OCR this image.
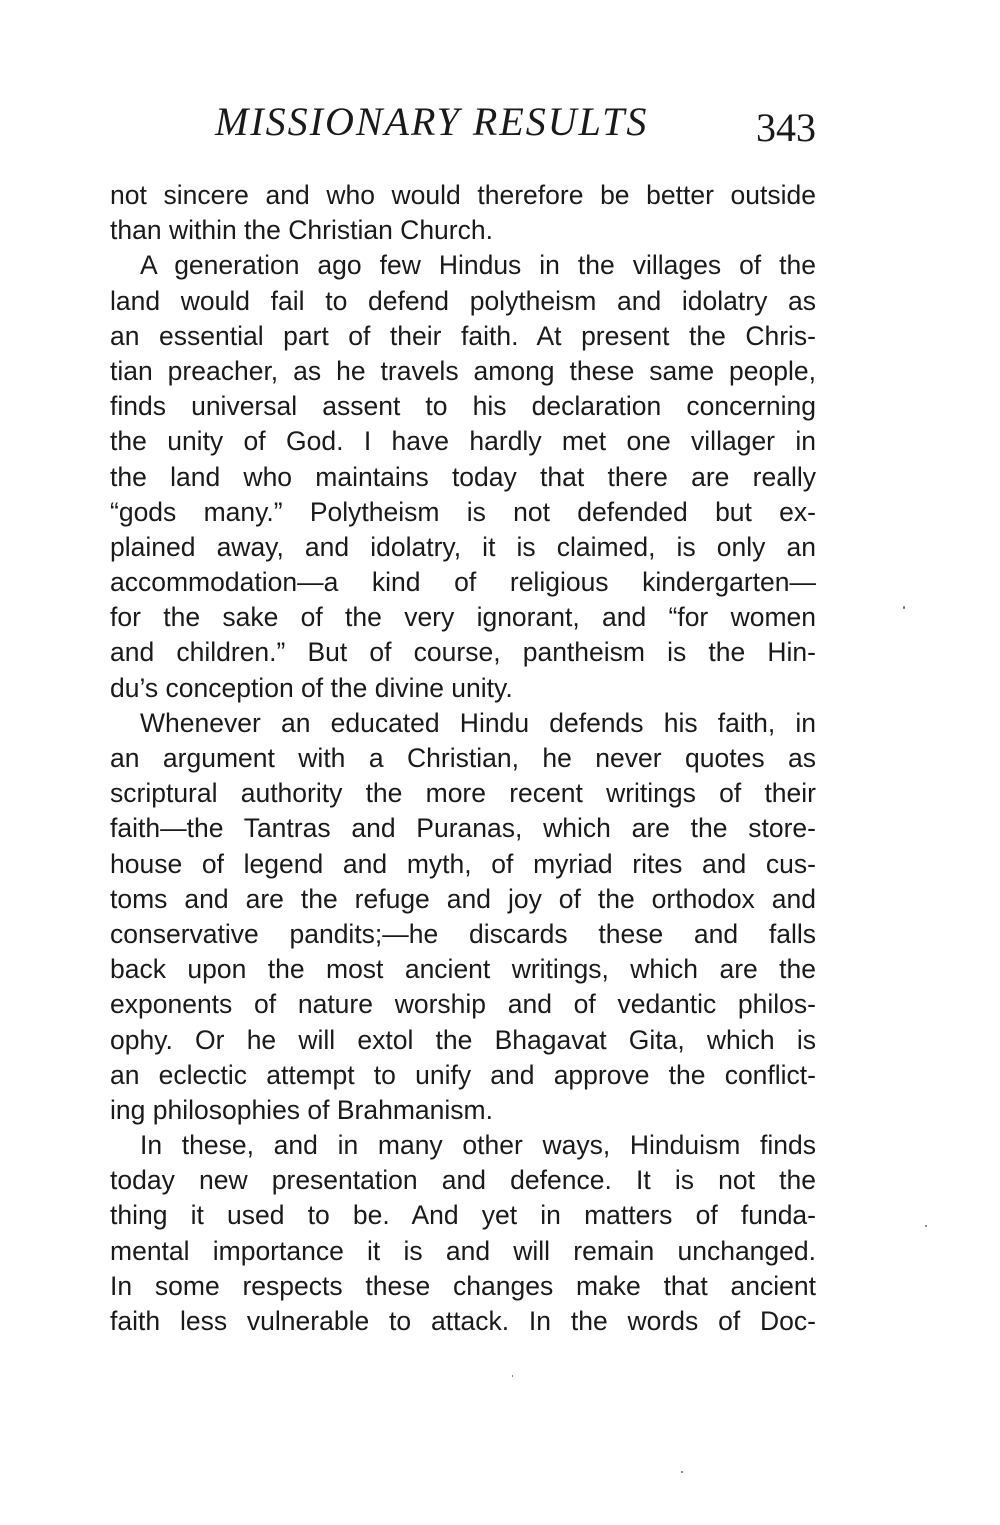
MISSIONARY RESULTS	343
not sincere and who would therefore be better outside
than within the Christian Church.
A generation ago few Hindus in the villages of the
land would fail to defend polytheism and idolatry as
an essential part of their faith. At present the Chris-
tian preacher, as he travels among these same people,
finds universal assent to his declaration concerning
the unity of God. I have hardly met one villager in
the land who maintains today that there are really
“gods many.” Polytheism is not defended but ex-
plained away, and idolatry, it is claimed, is only an
accommodation—a kind of religious kindergarten—
for the sake of the very ignorant, and “for women
and children.” But of course, pantheism is the Hin-
du’s conception of the divine unity.
Whenever an educated Hindu defends his faith, in
an argument with a Christian, he never quotes as
scriptural authority the more recent writings of their
faith—the Tantras and Puranas, which are the store-
house of legend and myth, of myriad rites and cus-
toms and are the refuge and joy of the orthodox and
conservative pandits;—he discards these and falls
back upon the most ancient writings, which are the
exponents of nature worship and of vedantic philos-
ophy. Or he will extol the Bhagavat Gita, which is
an eclectic attempt to unify and approve the conflict-
ing philosophies of Brahmanism.
In these, and in many other ways, Hinduism finds
today new presentation and defence. It is not the
thing it used to be. And yet in matters of funda-
mental importance it is and will remain unchanged.
In some respects these changes make that ancient
faith less vulnerable to attack. In the words of Doc-
